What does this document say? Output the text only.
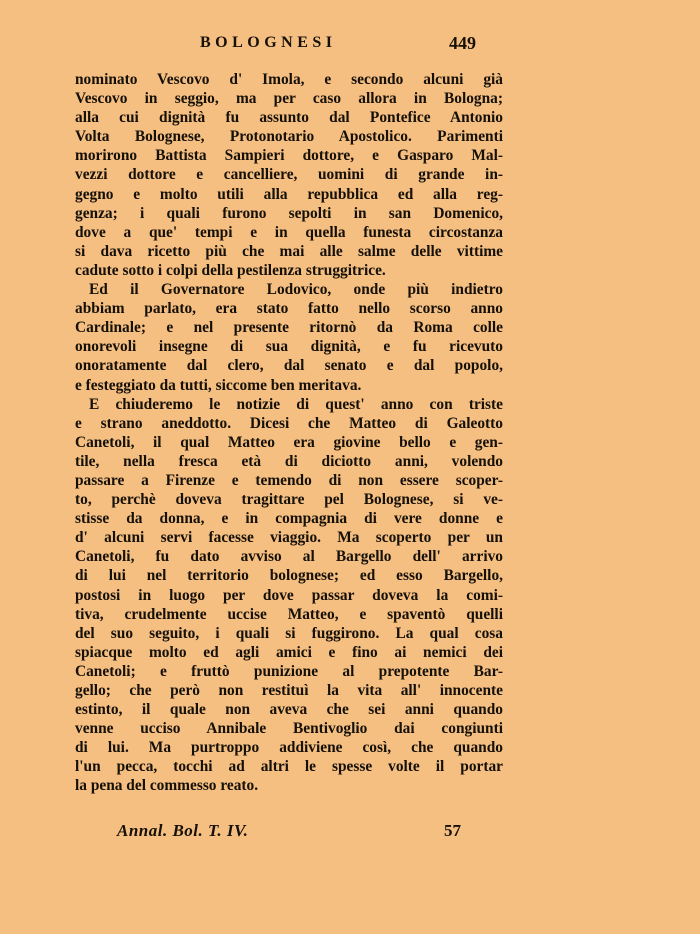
BOLOGNESI	449
nominato Vescovo d' Imola, e secondo alcuni già
Vescovo in seggio, ma per caso allora in Bologna;
alla cui dignità fu assunto dal Pontefice Antonio
Volta Bolognese, Protonotario Apostolico. Parimenti
morirono Battista Sampieri dottore, e Gasparo Mal-
vezzi dottore e cancelliere, uomini di grande in-
gegno e molto utili alla repubblica ed alla reg-
genza; i quali furono sepolti in san Domenico,
dove a que' tempi e in quella funesta circostanza
si dava ricetto più che mai alle salme delle vittime
cadute sotto i colpi della pestilenza struggitrice.
Ed il Governatore Lodovico, onde più indietro
abbiam parlato, era stato fatto nello scorso anno
Cardinale; e nel presente ritornò da Roma colle
onorevoli insegne di sua dignità, e fu ricevuto
onoratamente dal clero, dal senato e dal popolo,
e festeggiato da tutti, siccome ben meritava.
E chiuderemo le notizie di quest' anno con triste
e strano aneddotto. Dicesi che Matteo di Galeotto
Canetoli, il qual Matteo era giovine bello e gen-
tile, nella fresca età di diciotto anni, volendo
passare a Firenze e temendo di non essere scoper-
to, perchè doveva tragittare pel Bolognese, si ve-
stisse da donna, e in compagnia di vere donne e
d' alcuni servi facesse viaggio. Ma scoperto per un
Canetoli, fu dato avviso al Bargello dell' arrivo
di lui nel territorio bolognese; ed esso Bargello,
postosi in luogo per dove passar doveva la comi-
tiva, crudelmente uccise Matteo, e spaventò quelli
del suo seguito, i quali si fuggirono. La qual cosa
spiacque molto ed agli amici e fino ai nemici dei
Canetoli; e fruttò punizione al prepotente Bar-
gello; che però non restituì la vita all' innocente
estinto, il quale non aveva che sei anni quando
venne ucciso Annibale Bentivoglio dai congiunti
di lui. Ma purtroppo addiviene così, che quando
l'un pecca, tocchi ad altri le spesse volte il portar
la pena del commesso reato.
Annal. Bol. T. IV.	57
